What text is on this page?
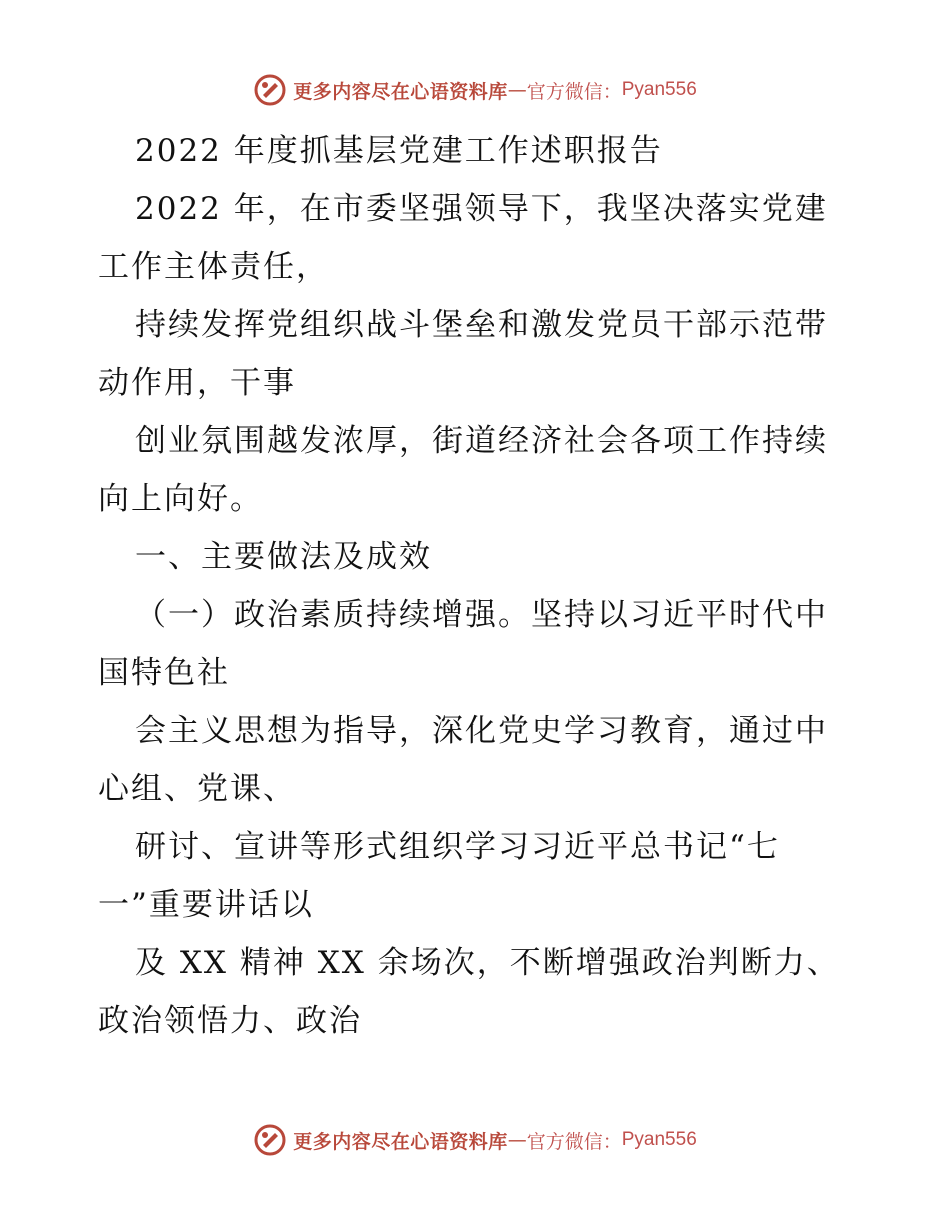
更多内容尽在心语资料库 — 官方微信： Pyan556
2022 年度抓基层党建工作述职报告
2022 年，在市委坚强领导下，我坚决落实党建
工作主体责任，
持续发挥党组织战斗堡垒和激发党员干部示范带
动作用，干事
创业氛围越发浓厚，街道经济社会各项工作持续
向上向好。
一、主要做法及成效
（一）政治素质持续增强。坚持以习近平时代中
国特色社
会主义思想为指导，深化党史学习教育，通过中
心组、党课、
研讨、宣讲等形式组织学习习近平总书记“七
一”重要讲话以
及 XX 精神 XX 余场次，不断增强政治判断力、
政治领悟力、政治
更多内容尽在心语资料库 — 官方微信： Pyan556
